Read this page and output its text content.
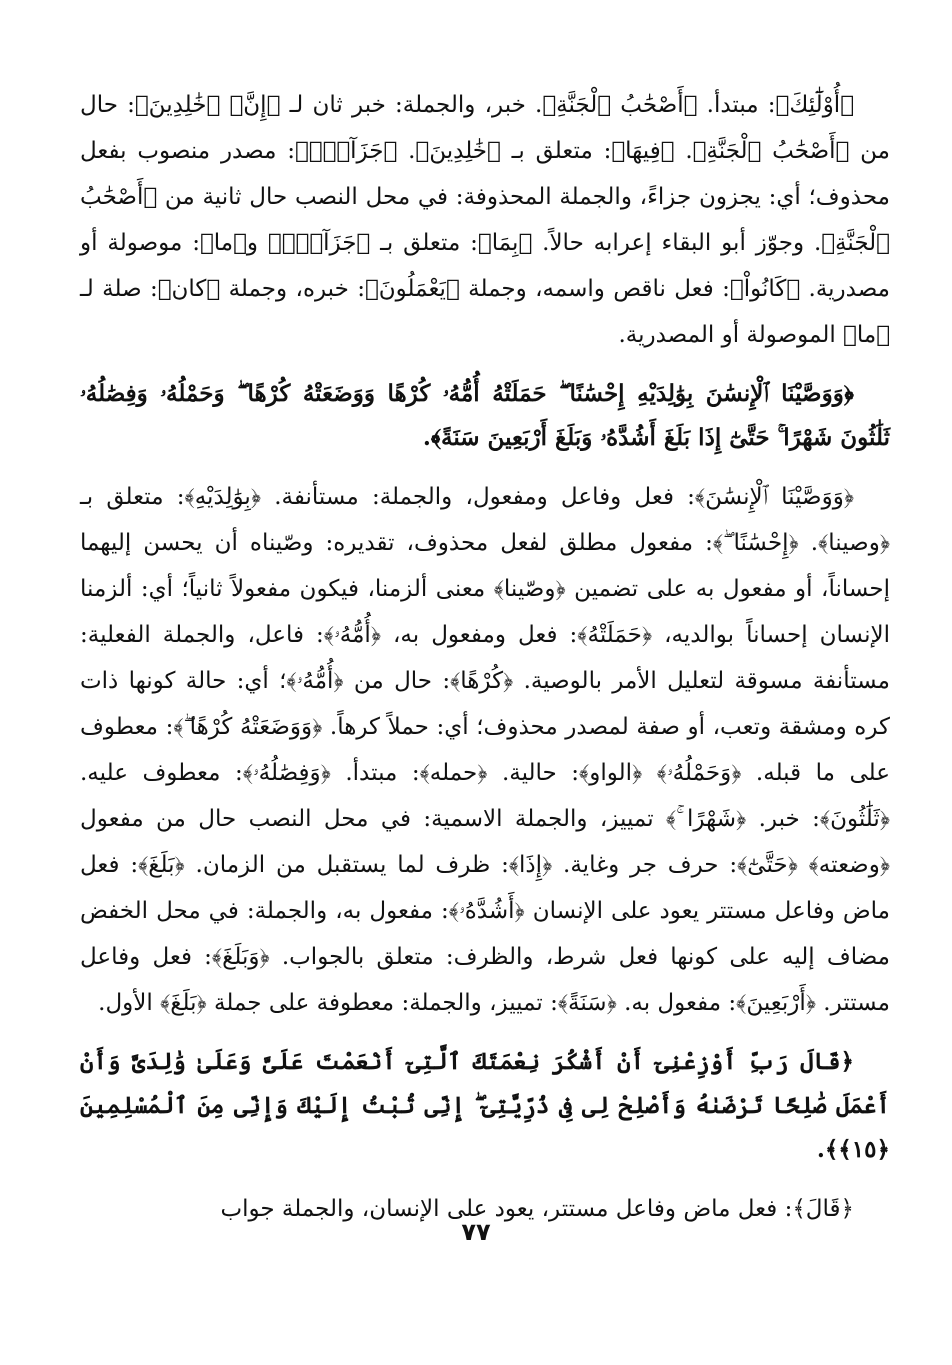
﴿أُوْلَٰٓئِكَ﴾: مبتدأ. ﴿أَصْحَٰبُ ٱلْجَنَّةِ﴾. خبر، والجملة: خبر ثان لـ ﴿إِنَّ﴾ ﴿خَٰلِدِينَ﴾: حال من ﴿أَصْحَٰبُ ٱلْجَنَّةِ﴾. ﴿فِيهَا﴾: متعلق بـ ﴿خَٰلِدِينَ﴾. ﴿جَزَآءَۢ﴾: مصدر منصوب بفعل محذوف؛ أي: يجزون جزاءً، والجملة المحذوفة: في محل النصب حال ثانية من ﴿أَصْحَٰبُ ٱلْجَنَّةِ﴾. وجوّز أبو البقاء إعرابه حالاً. ﴿بِمَا﴾: متعلق بـ ﴿جَزَآءَۢ﴾ و﴿ما﴾: موصولة أو مصدرية. ﴿كَانُواْ﴾: فعل ناقص واسمه، وجملة ﴿يَعْمَلُونَ﴾: خبره، وجملة ﴿كان﴾: صلة لـ ﴿ما﴾ الموصولة أو المصدرية.

﴿وَوَصَّيْنَا ٱلْإِنسَٰنَ بِوَٰلِدَيْهِ إِحْسَٰنًا ۖ حَمَلَتْهُ أُمُّهُۥ كُرْهًا وَوَضَعَتْهُ كُرْهًا ۖ وَحَمْلُهُۥ وَفِصَٰلُهُۥ ثَلَٰثُونَ شَهْرًا ۚ حَتَّىٰٓ إِذَا بَلَغَ أَشُدَّهُۥ وَبَلَغَ أَرْبَعِينَ سَنَةً﴾.

﴿وَوَصَّيْنَا ٱلْإِنسَٰنَ﴾: فعل وفاعل ومفعول، والجملة: مستأنفة. ﴿بِوَٰلِدَيْهِ﴾: متعلق بـ ﴿وصينا﴾. ﴿إِحْسَٰنًا ۖ﴾: مفعول مطلق لفعل محذوف، تقديره: وصّيناه أن يحسن إليهما إحساناً، أو مفعول به على تضمين ﴿وصّينا﴾ معنى ألزمنا، فيكون مفعولاً ثانياً؛ أي: ألزمنا الإنسان إحساناً بوالديه، ﴿حَمَلَتْهُ﴾: فعل ومفعول به، ﴿أُمُّهُۥ﴾: فاعل، والجملة الفعلية: مستأنفة مسوقة لتعليل الأمر بالوصية. ﴿كُرْهًا﴾: حال من ﴿أُمُّهُۥ﴾؛ أي: حالة كونها ذات كره ومشقة وتعب، أو صفة لمصدر محذوف؛ أي: حملاً كرهاً. ﴿وَوَضَعَتْهُ كُرْهًا ۖ﴾: معطوف على ما قبله. ﴿وَحَمْلُهُۥ﴾ ﴿الواو﴾: حالية. ﴿حمله﴾: مبتدأ. ﴿وَفِصَٰلُهُۥ﴾: معطوف عليه. ﴿ثَلَٰثُونَ﴾: خبر. ﴿شَهْرًا ۚ﴾ تمييز، والجملة الاسمية: في محل النصب حال من مفعول ﴿وضعته﴾ ﴿حَتَّىٰٓ﴾: حرف جر وغاية. ﴿إِذَا﴾: ظرف لما يستقبل من الزمان. ﴿بَلَغَ﴾: فعل ماض وفاعل مستتر يعود على الإنسان ﴿أَشُدَّهُۥ﴾: مفعول به، والجملة: في محل الخفض مضاف إليه على كونها فعل شرط، والظرف: متعلق بالجواب. ﴿وَبَلَغَ﴾: فعل وفاعل مستتر. ﴿أَرْبَعِينَ﴾: مفعول به. ﴿سَنَةً﴾: تمييز، والجملة: معطوفة على جملة ﴿بَلَغَ﴾ الأول.

﴿قَالَ رَبِّ أَوْزِعْنِىٓ أَنْ أَشْكُرَ نِعْمَتَكَ ٱلَّتِىٓ أَنْعَمْتَ عَلَىَّ وَعَلَىٰ وَٰلِدَىَّ وَأَنْ أَعْمَلَ صَٰلِحًا تَرْضَىٰهُ وَأَصْلِحْ لِى فِى ذُرِّيَّتِىٓ ۖ إِنِّى تُبْتُ إِلَيْكَ وَإِنِّى مِنَ ٱلْمُسْلِمِينَ ﴿١٥﴾﴾.

﴿قَالَ﴾: فعل ماض وفاعل مستتر، يعود على الإنسان، والجملة جواب

٧٧
